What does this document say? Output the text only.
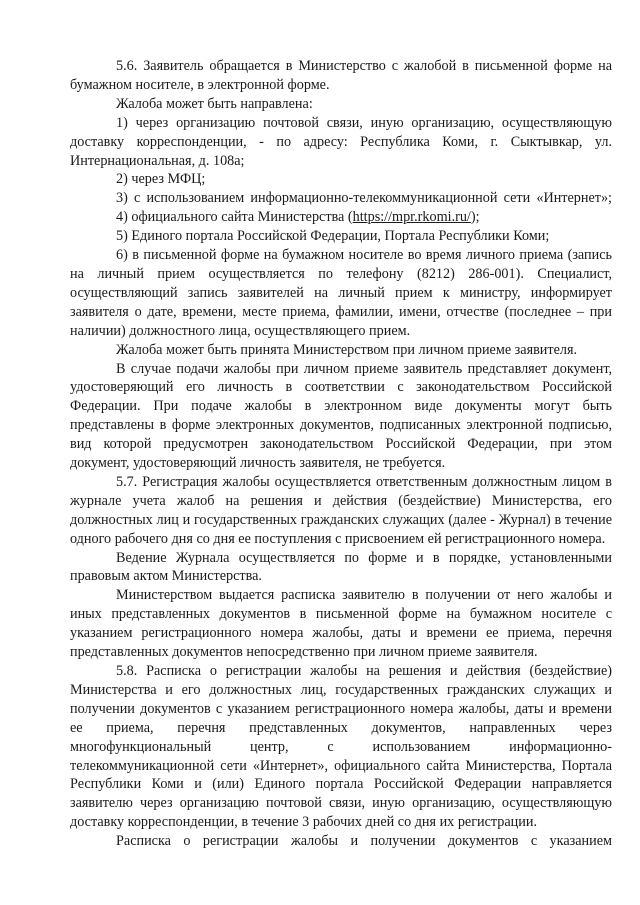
5.6. Заявитель обращается в Министерство с жалобой в письменной форме на бумажном носителе, в электронной форме.

Жалоба может быть направлена:

1) через организацию почтовой связи, иную организацию, осуществляющую доставку корреспонденции, - по адресу: Республика Коми, г. Сыктывкар, ул. Интернациональная, д. 108а;

2) через МФЦ;

3) с использованием информационно-телекоммуникационной сети «Интернет»;

4) официального сайта Министерства (https://mpr.rkomi.ru/);

5) Единого портала Российской Федерации, Портала Республики Коми;

6) в письменной форме на бумажном носителе во время личного приема (запись на личный прием осуществляется по телефону (8212) 286-001). Специалист, осуществляющий запись заявителей на личный прием к министру, информирует заявителя о дате, времени, месте приема, фамилии, имени, отчестве (последнее – при наличии) должностного лица, осуществляющего прием.

Жалоба может быть принята Министерством при личном приеме заявителя.

В случае подачи жалобы при личном приеме заявитель представляет документ, удостоверяющий его личность в соответствии с законодательством Российской Федерации. При подаче жалобы в электронном виде документы могут быть представлены в форме электронных документов, подписанных электронной подписью, вид которой предусмотрен законодательством Российской Федерации, при этом документ, удостоверяющий личность заявителя, не требуется.

5.7. Регистрация жалобы осуществляется ответственным должностным лицом в журнале учета жалоб на решения и действия (бездействие) Министерства, его должностных лиц и государственных гражданских служащих (далее - Журнал) в течение одного рабочего дня со дня ее поступления с присвоением ей регистрационного номера.

Ведение Журнала осуществляется по форме и в порядке, установленными правовым актом Министерства.

Министерством выдается расписка заявителю в получении от него жалобы и иных представленных документов в письменной форме на бумажном носителе с указанием регистрационного номера жалобы, даты и времени ее приема, перечня представленных документов непосредственно при личном приеме заявителя.

5.8. Расписка о регистрации жалобы на решения и действия (бездействие) Министерства и его должностных лиц, государственных гражданских служащих и получении документов с указанием регистрационного номера жалобы, даты и времени ее приема, перечня представленных документов, направленных через многофункциональный центр, с использованием информационно-телекоммуникационной сети «Интернет», официального сайта Министерства, Портала Республики Коми и (или) Единого портала Российской Федерации направляется заявителю через организацию почтовой связи, иную организацию, осуществляющую доставку корреспонденции, в течение 3 рабочих дней со дня их регистрации.

Расписка о регистрации жалобы и получении документов с указанием
